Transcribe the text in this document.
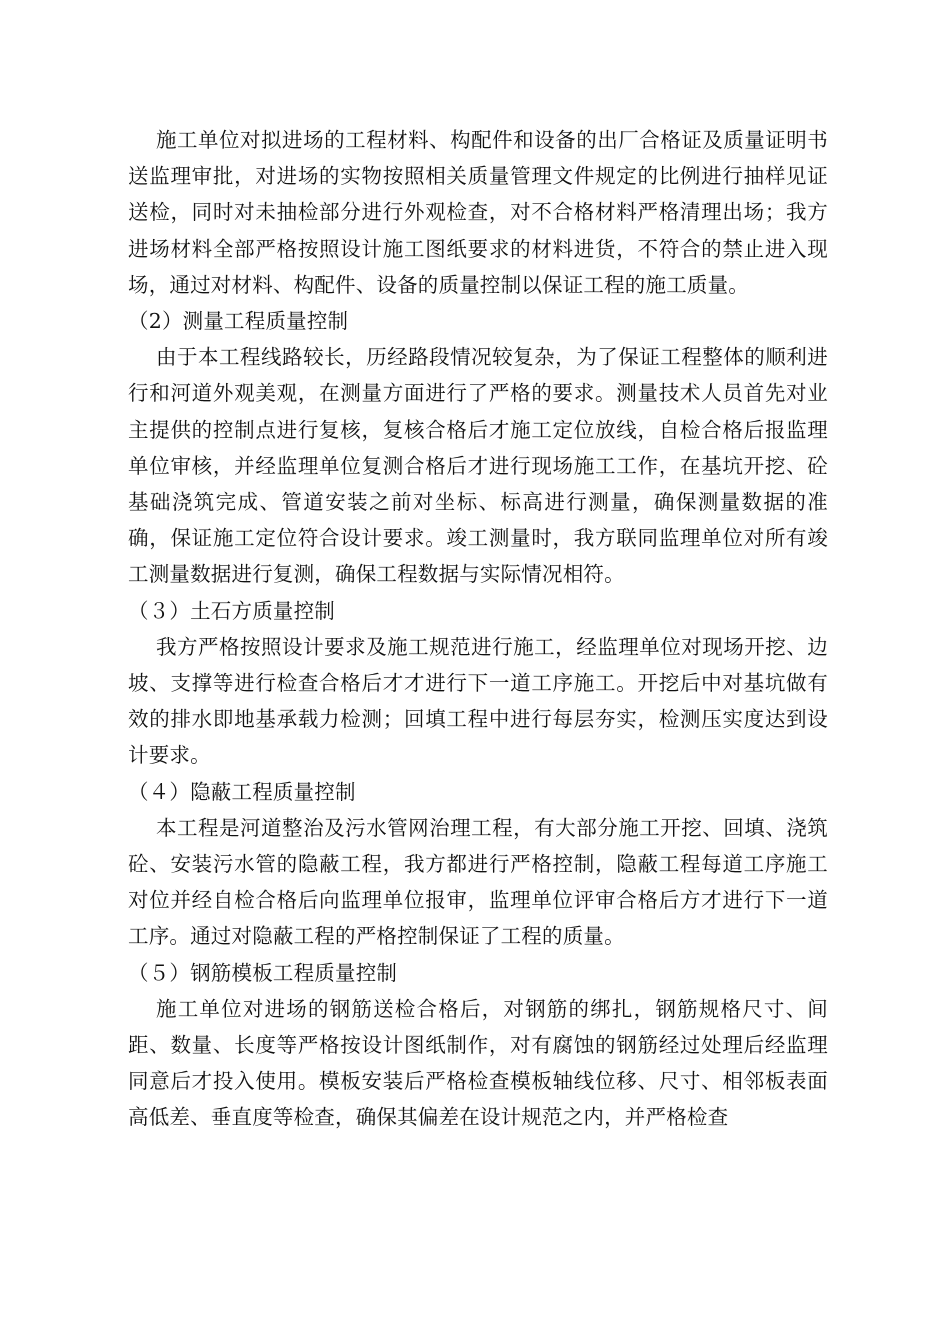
施工单位对拟进场的工程材料、构配件和设备的出厂合格证及质量证明书送监理审批，对进场的实物按照相关质量管理文件规定的比例进行抽样见证送检，同时对未抽检部分进行外观检查，对不合格材料严格清理出场；我方进场材料全部严格按照设计施工图纸要求的材料进货，不符合的禁止进入现场，通过对材料、构配件、设备的质量控制以保证工程的施工质量。

（2）测量工程质量控制

由于本工程线路较长，历经路段情况较复杂，为了保证工程整体的顺利进行和河道外观美观，在测量方面进行了严格的要求。测量技术人员首先对业主提供的控制点进行复核，复核合格后才施工定位放线，自检合格后报监理单位审核，并经监理单位复测合格后才进行现场施工工作，在基坑开挖、砼基础浇筑完成、管道安装之前对坐标、标高进行测量，确保测量数据的准确，保证施工定位符合设计要求。竣工测量时，我方联同监理单位对所有竣工测量数据进行复测，确保工程数据与实际情况相符。

（３）土石方质量控制

我方严格按照设计要求及施工规范进行施工，经监理单位对现场开挖、边坡、支撑等进行检查合格后才才进行下一道工序施工。开挖后中对基坑做有效的排水即地基承载力检测；回填工程中进行每层夯实，检测压实度达到设计要求。

（４）隐蔽工程质量控制

本工程是河道整治及污水管网治理工程，有大部分施工开挖、回填、浇筑砼、安装污水管的隐蔽工程，我方都进行严格控制，隐蔽工程每道工序施工对位并经自检合格后向监理单位报审，监理单位评审合格后方才进行下一道工序。通过对隐蔽工程的严格控制保证了工程的质量。

（５）钢筋模板工程质量控制

施工单位对进场的钢筋送检合格后，对钢筋的绑扎，钢筋规格尺寸、间距、数量、长度等严格按设计图纸制作，对有腐蚀的钢筋经过处理后经监理同意后才投入使用。模板安装后严格检查模板轴线位移、尺寸、相邻板表面高低差、垂直度等检查，确保其偏差在设计规范之内，并严格检查
